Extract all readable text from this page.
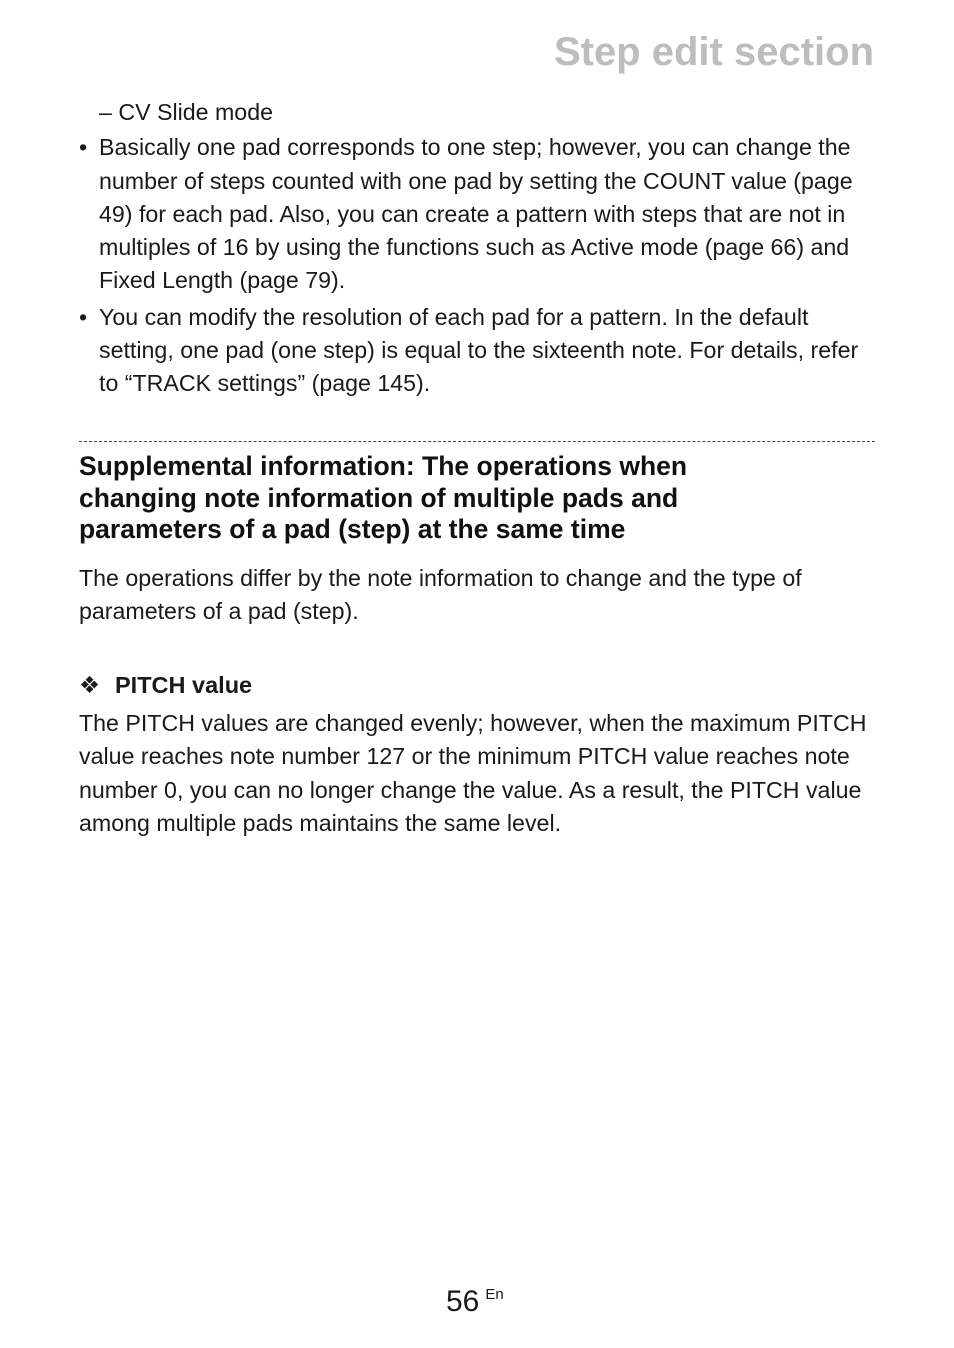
Step edit section
– CV Slide mode
• Basically one pad corresponds to one step; however, you can change the number of steps counted with one pad by setting the COUNT value (page 49) for each pad. Also, you can create a pattern with steps that are not in multiples of 16 by using the functions such as Active mode (page 66) and Fixed Length (page 79).
• You can modify the resolution of each pad for a pattern. In the default setting, one pad (one step) is equal to the sixteenth note. For details, refer to “TRACK settings” (page 145).
Supplemental information: The operations when
changing note information of multiple pads and
parameters of a pad (step) at the same time
The operations differ by the note information to change and the type of parameters of a pad (step).
❖ PITCH value
The PITCH values are changed evenly; however, when the maximum PITCH value reaches note number 127 or the minimum PITCH value reaches note number 0, you can no longer change the value. As a result, the PITCH value among multiple pads maintains the same level.
56 $^{En}$
